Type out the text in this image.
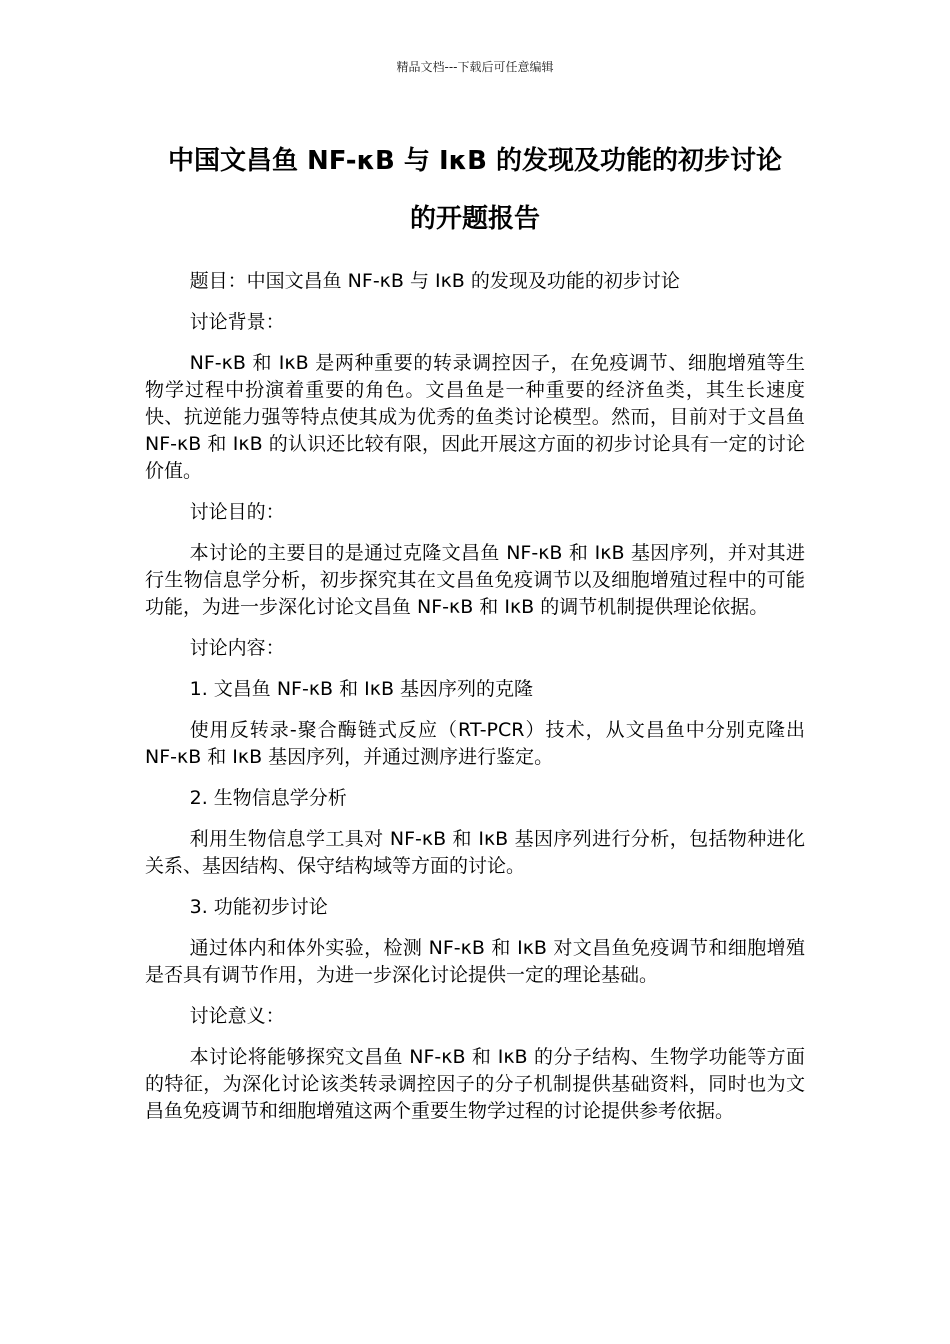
精品文档---下载后可任意编辑
中国文昌鱼 NF-κB 与 IκB 的发现及功能的初步讨论
的开题报告

题目：中国文昌鱼 NF-κB 与 IκB 的发现及功能的初步讨论

讨论背景：

NF-κB 和 IκB 是两种重要的转录调控因子，在免疫调节、细胞增殖等生物学过程中扮演着重要的角色。文昌鱼是一种重要的经济鱼类，其生长速度快、抗逆能力强等特点使其成为优秀的鱼类讨论模型。然而，目前对于文昌鱼 NF-κB 和 IκB 的认识还比较有限，因此开展这方面的初步讨论具有一定的讨论价值。

讨论目的：

本讨论的主要目的是通过克隆文昌鱼 NF-κB 和 IκB 基因序列，并对其进行生物信息学分析，初步探究其在文昌鱼免疫调节以及细胞增殖过程中的可能功能，为进一步深化讨论文昌鱼 NF-κB 和 IκB 的调节机制提供理论依据。

讨论内容：

1. 文昌鱼 NF-κB 和 IκB 基因序列的克隆

使用反转录-聚合酶链式反应（RT-PCR）技术，从文昌鱼中分别克隆出 NF-κB 和 IκB 基因序列，并通过测序进行鉴定。

2. 生物信息学分析

利用生物信息学工具对 NF-κB 和 IκB 基因序列进行分析，包括物种进化关系、基因结构、保守结构域等方面的讨论。

3. 功能初步讨论

通过体内和体外实验，检测 NF-κB 和 IκB 对文昌鱼免疫调节和细胞增殖是否具有调节作用，为进一步深化讨论提供一定的理论基础。

讨论意义：

本讨论将能够探究文昌鱼 NF-κB 和 IκB 的分子结构、生物学功能等方面的特征，为深化讨论该类转录调控因子的分子机制提供基础资料，同时也为文昌鱼免疫调节和细胞增殖这两个重要生物学过程的讨论提供参考依据。
